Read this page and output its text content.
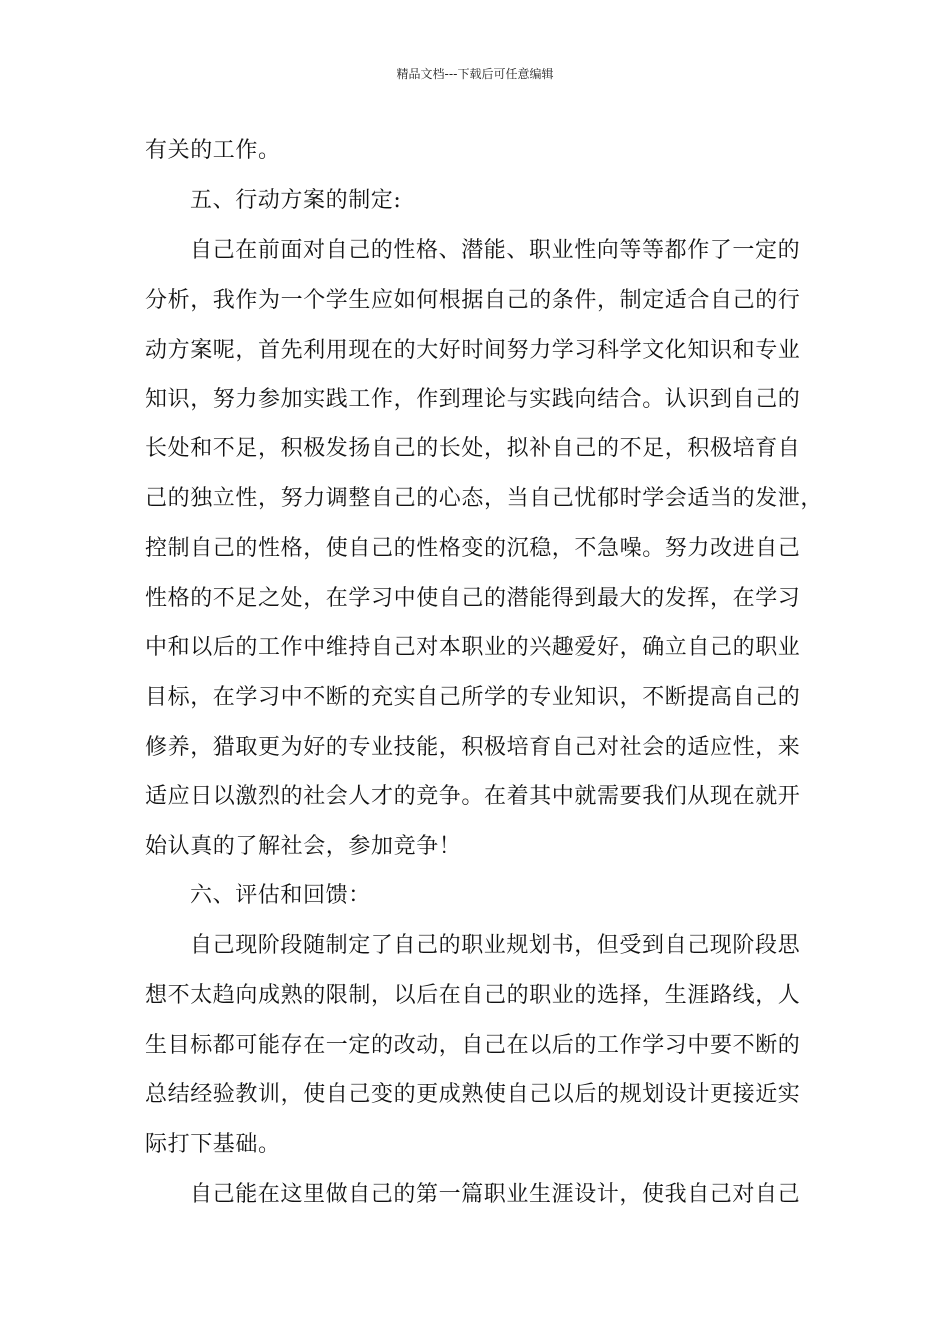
精品文档---下载后可任意编辑
有关的工作。
五、行动方案的制定:
自己在前面对自己的性格、潜能、职业性向等等都作了一定的
分析，我作为一个学生应如何根据自己的条件，制定适合自己的行
动方案呢，首先利用现在的大好时间努力学习科学文化知识和专业
知识，努力参加实践工作，作到理论与实践向结合。认识到自己的
长处和不足，积极发扬自己的长处，拟补自己的不足，积极培育自
己的独立性，努力调整自己的心态，当自己忧郁时学会适当的发泄，
控制自己的性格，使自己的性格变的沉稳，不急噪。努力改进自己
性格的不足之处，在学习中使自己的潜能得到最大的发挥，在学习
中和以后的工作中维持自己对本职业的兴趣爱好，确立自己的职业
目标，在学习中不断的充实自己所学的专业知识，不断提高自己的
修养，猎取更为好的专业技能，积极培育自己对社会的适应性，来
适应日以激烈的社会人才的竞争。在着其中就需要我们从现在就开
始认真的了解社会，参加竞争！
六、评估和回馈：
自己现阶段随制定了自己的职业规划书，但受到自己现阶段思
想不太趋向成熟的限制，以后在自己的职业的选择，生涯路线，人
生目标都可能存在一定的改动，自己在以后的工作学习中要不断的
总结经验教训，使自己变的更成熟使自己以后的规划设计更接近实
际打下基础。
自己能在这里做自己的第一篇职业生涯设计，使我自己对自己
